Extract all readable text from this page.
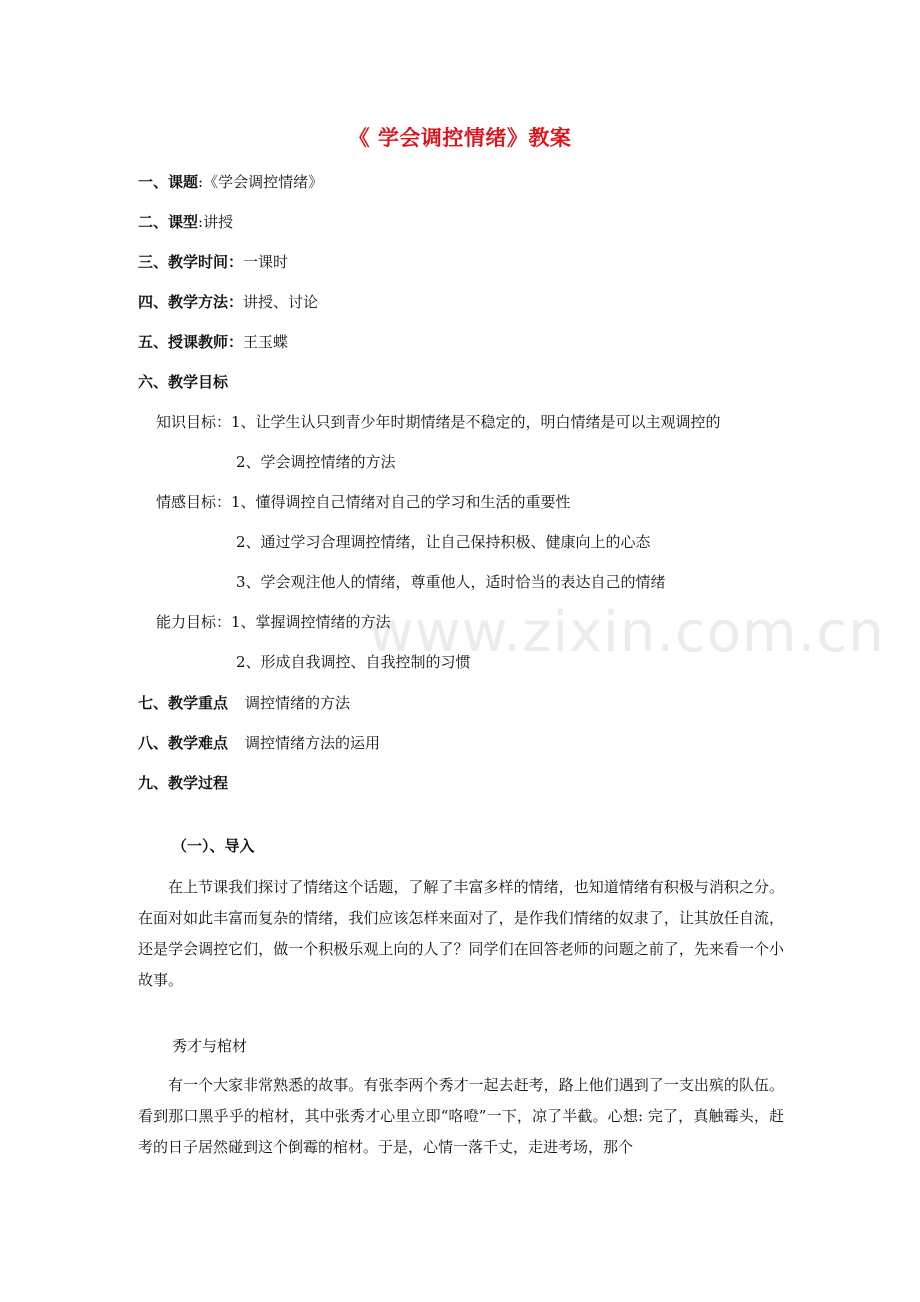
www.zixin.com.cn
《 学会调控情绪》教案
一、课题:《学会调控情绪》
二、课型:讲授
三、教学时间：一课时
四、教学方法：讲授、讨论
五、授课教师：王玉蝶
六、教学目标
知识目标：1、让学生认只到青少年时期情绪是不稳定的，明白情绪是可以主观调控的
2、学会调控情绪的方法
情感目标：1、懂得调控自己情绪对自己的学习和生活的重要性
2、通过学习合理调控情绪，让自己保持积极、健康向上的心态
3、学会观注他人的情绪，尊重他人，适时恰当的表达自己的情绪
能力目标：1、掌握调控情绪的方法
2、形成自我调控、自我控制的习惯
七、教学重点 调控情绪的方法
八、教学难点 调控情绪方法的运用
九、教学过程
（一）、导入
在上节课我们探讨了情绪这个话题，了解了丰富多样的情绪，也知道情绪有积极与消积之分。在面对如此丰富而复杂的情绪，我们应该怎样来面对了，是作我们情绪的奴隶了，让其放任自流，还是学会调控它们，做一个积极乐观上向的人了？同学们在回答老师的问题之前了，先来看一个小故事。
秀才与棺材
有一个大家非常熟悉的故事。有张李两个秀才一起去赶考，路上他们遇到了一支出殡的队伍。看到那口黑乎乎的棺材，其中张秀才心里立即“咯噔”一下，凉了半截。心想: 完了，真触霉头，赶考的日子居然碰到这个倒霉的棺材。于是，心情一落千丈，走进考场，那个
